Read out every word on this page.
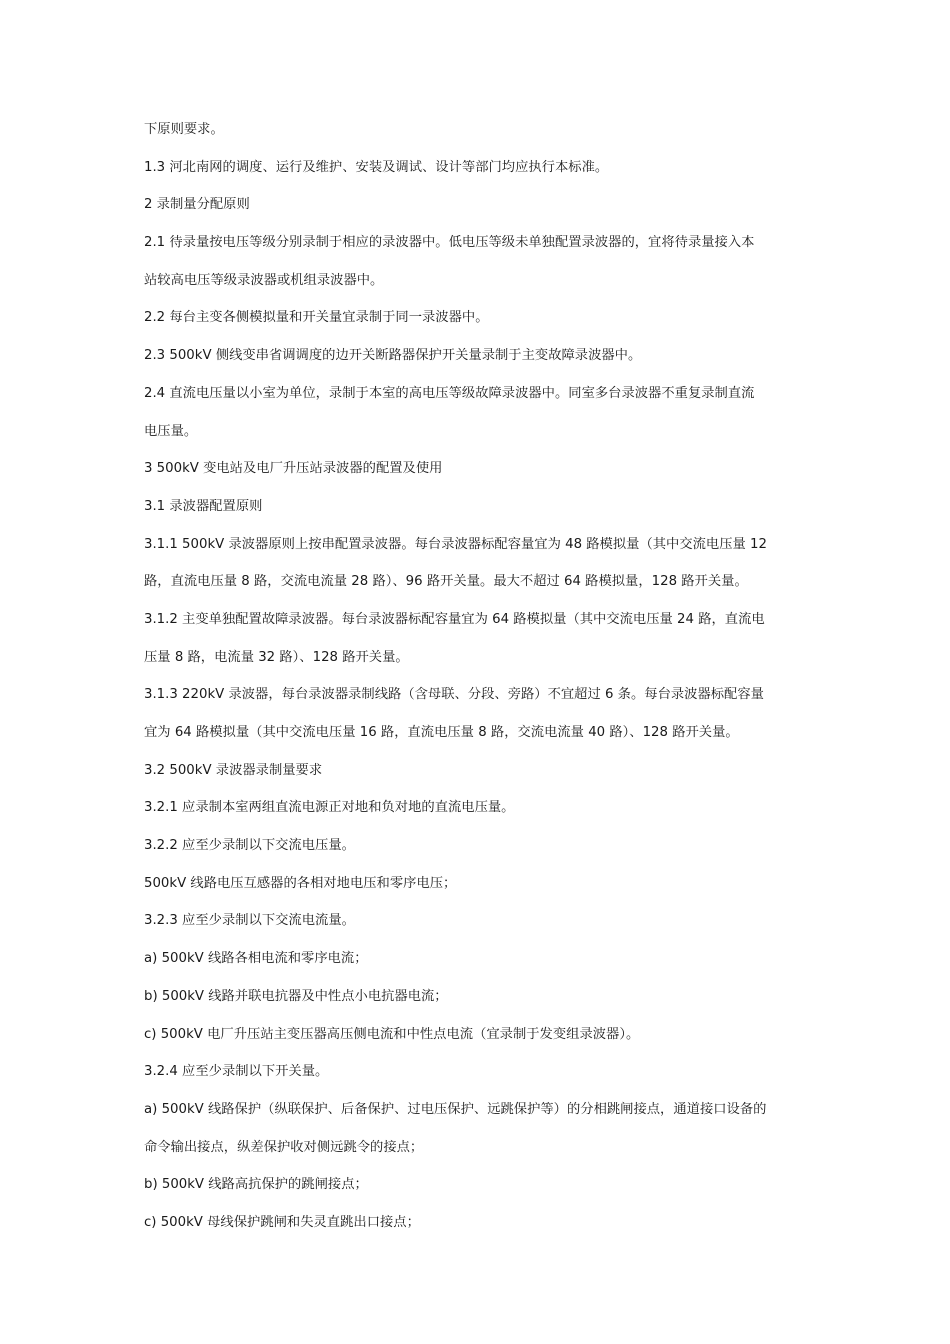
下原则要求。
1.3 河北南网的调度、运行及维护、安装及调试、设计等部门均应执行本标准。
2 录制量分配原则
2.1 待录量按电压等级分别录制于相应的录波器中。低电压等级未单独配置录波器的，宜将待录量接入本
站较高电压等级录波器或机组录波器中。
2.2 每台主变各侧模拟量和开关量宜录制于同一录波器中。
2.3 500kV 侧线变串省调调度的边开关断路器保护开关量录制于主变故障录波器中。
2.4 直流电压量以小室为单位，录制于本室的高电压等级故障录波器中。同室多台录波器不重复录制直流
电压量。
3 500kV 变电站及电厂升压站录波器的配置及使用
3.1 录波器配置原则
3.1.1 500kV 录波器原则上按串配置录波器。每台录波器标配容量宜为 48 路模拟量（其中交流电压量 12
路，直流电压量 8 路，交流电流量 28 路）、96 路开关量。最大不超过 64 路模拟量，128 路开关量。
3.1.2 主变单独配置故障录波器。每台录波器标配容量宜为 64 路模拟量（其中交流电压量 24 路，直流电
压量 8 路，电流量 32 路）、128 路开关量。
3.1.3 220kV 录波器，每台录波器录制线路（含母联、分段、旁路）不宜超过 6 条。每台录波器标配容量
宜为 64 路模拟量（其中交流电压量 16 路，直流电压量 8 路，交流电流量 40 路）、128 路开关量。
3.2 500kV 录波器录制量要求
3.2.1 应录制本室两组直流电源正对地和负对地的直流电压量。
3.2.2 应至少录制以下交流电压量。
500kV 线路电压互感器的各相对地电压和零序电压；
3.2.3 应至少录制以下交流电流量。
a) 500kV 线路各相电流和零序电流；
b) 500kV 线路并联电抗器及中性点小电抗器电流；
c) 500kV 电厂升压站主变压器高压侧电流和中性点电流（宜录制于发变组录波器）。
3.2.4 应至少录制以下开关量。
a) 500kV 线路保护（纵联保护、后备保护、过电压保护、远跳保护等）的分相跳闸接点，通道接口设备的
命令输出接点，纵差保护收对侧远跳令的接点；
b) 500kV 线路高抗保护的跳闸接点；
c) 500kV 母线保护跳闸和失灵直跳出口接点；
